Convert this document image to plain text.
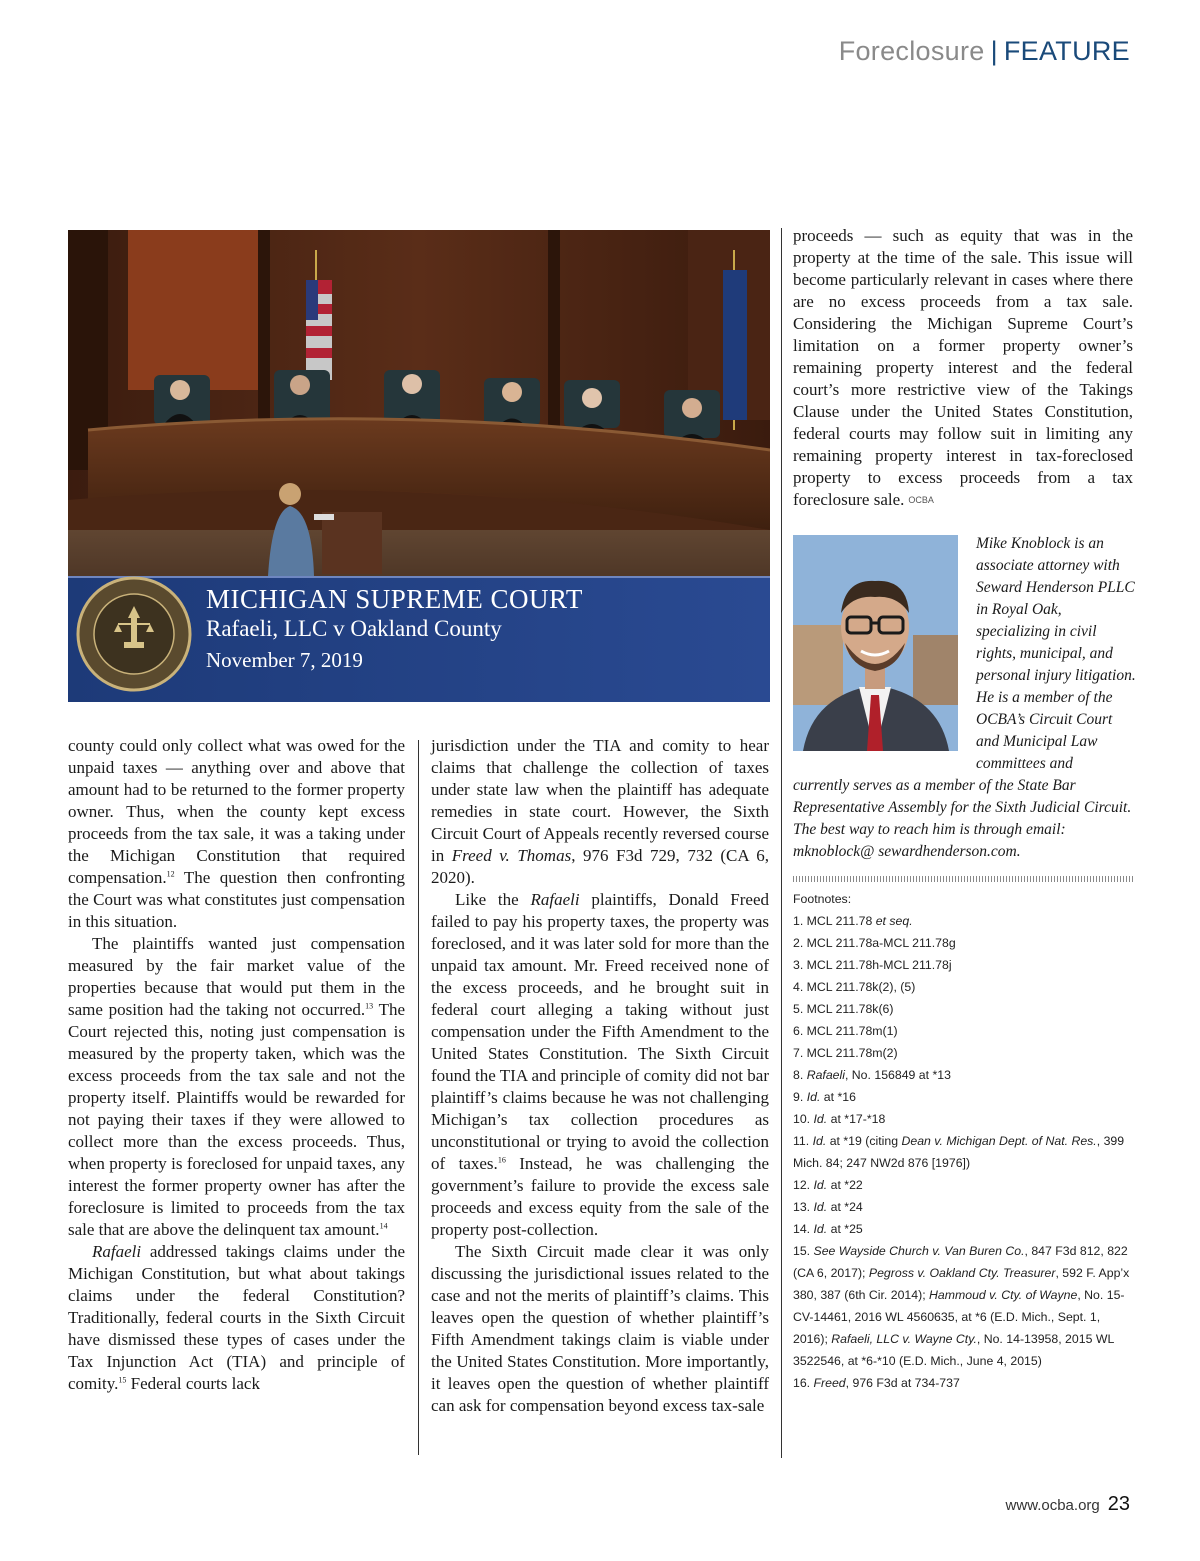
Foreclosure | FEATURE
MICHIGAN SUPREME COURT
Rafaeli, LLC v Oakland County
November 7, 2019

county could only collect what was owed for the unpaid taxes — anything over and above that amount had to be returned to the former property owner. Thus, when the county kept excess proceeds from the tax sale, it was a taking under the Michigan Constitution that required compensation.$^{12}$ The question then confronting the Court was what constitutes just compensation in this situation.

The plaintiffs wanted just compensation measured by the fair market value of the properties because that would put them in the same position had the taking not occurred.$^{13}$ The Court rejected this, noting just compensation is measured by the property taken, which was the excess proceeds from the tax sale and not the property itself. Plaintiffs would be rewarded for not paying their taxes if they were allowed to collect more than the excess proceeds. Thus, when property is foreclosed for unpaid taxes, any interest the former property owner has after the foreclosure is limited to proceeds from the tax sale that are above the delinquent tax amount.$^{14}$

Rafaeli addressed takings claims under the Michigan Constitution, but what about takings claims under the federal Constitution? Traditionally, federal courts in the Sixth Circuit have dismissed these types of cases under the Tax Injunction Act (TIA) and principle of comity.$^{15}$ Federal courts lack

jurisdiction under the TIA and comity to hear claims that challenge the collection of taxes under state law when the plaintiff has adequate remedies in state court. However, the Sixth Circuit Court of Appeals recently reversed course in Freed v. Thomas, 976 F3d 729, 732 (CA 6, 2020).

Like the Rafaeli plaintiffs, Donald Freed failed to pay his property taxes, the property was foreclosed, and it was later sold for more than the unpaid tax amount. Mr. Freed received none of the excess proceeds, and he brought suit in federal court alleging a taking without just compensation under the Fifth Amendment to the United States Constitution. The Sixth Circuit found the TIA and principle of comity did not bar plaintiff’s claims because he was not challenging Michigan’s tax collection procedures as unconstitutional or trying to avoid the collection of taxes.$^{16}$ Instead, he was challenging the government’s failure to provide the excess sale proceeds and excess equity from the sale of the property post-collection.

The Sixth Circuit made clear it was only discussing the jurisdictional issues related to the case and not the merits of plaintiff’s claims. This leaves open the question of whether plaintiff’s Fifth Amendment takings claim is viable under the United States Constitution. More importantly, it leaves open the question of whether plaintiff can ask for compensation beyond excess tax-sale

proceeds — such as equity that was in the property at the time of the sale. This issue will become particularly relevant in cases where there are no excess proceeds from a tax sale. Considering the Michigan Supreme Court’s limitation on a former property owner’s remaining property interest and the federal court’s more restrictive view of the Takings Clause under the United States Constitution, federal courts may follow suit in limiting any remaining property interest in tax-foreclosed property to excess proceeds from a tax foreclosure sale. OCBA

Mike Knoblock is an associate attorney with Seward Henderson PLLC in Royal Oak, specializing in civil rights, municipal, and personal injury litigation. He is a member of the OCBA’s Circuit Court and Municipal Law committees and
currently serves as a member of the State Bar Representative Assembly for the Sixth Judicial Circuit. The best way to reach him is through email: mknoblock@ sewardhenderson.com.
Footnotes:
1. MCL 211.78 et seq.
2. MCL 211.78a-MCL 211.78g
3. MCL 211.78h-MCL 211.78j
4. MCL 211.78k(2), (5)
5. MCL 211.78k(6)
6. MCL 211.78m(1)
7. MCL 211.78m(2)
8. Rafaeli, No. 156849 at *13
9. Id. at *16
10. Id. at *17-*18
11. Id. at *19 (citing Dean v. Michigan Dept. of Nat. Res., 399 Mich. 84; 247 NW2d 876 [1976])
12. Id. at *22
13. Id. at *24
14. Id. at *25
15. See Wayside Church v. Van Buren Co., 847 F3d 812, 822 (CA 6, 2017); Pegross v. Oakland Cty. Treasurer, 592 F. App’x 380, 387 (6th Cir. 2014); Hammoud v. Cty. of Wayne, No. 15-CV-14461, 2016 WL 4560635, at *6 (E.D. Mich., Sept. 1, 2016); Rafaeli, LLC v. Wayne Cty., No. 14-13958, 2015 WL 3522546, at *6-*10 (E.D. Mich., June 4, 2015)
16. Freed, 976 F3d at 734-737
www.ocba.org 23
